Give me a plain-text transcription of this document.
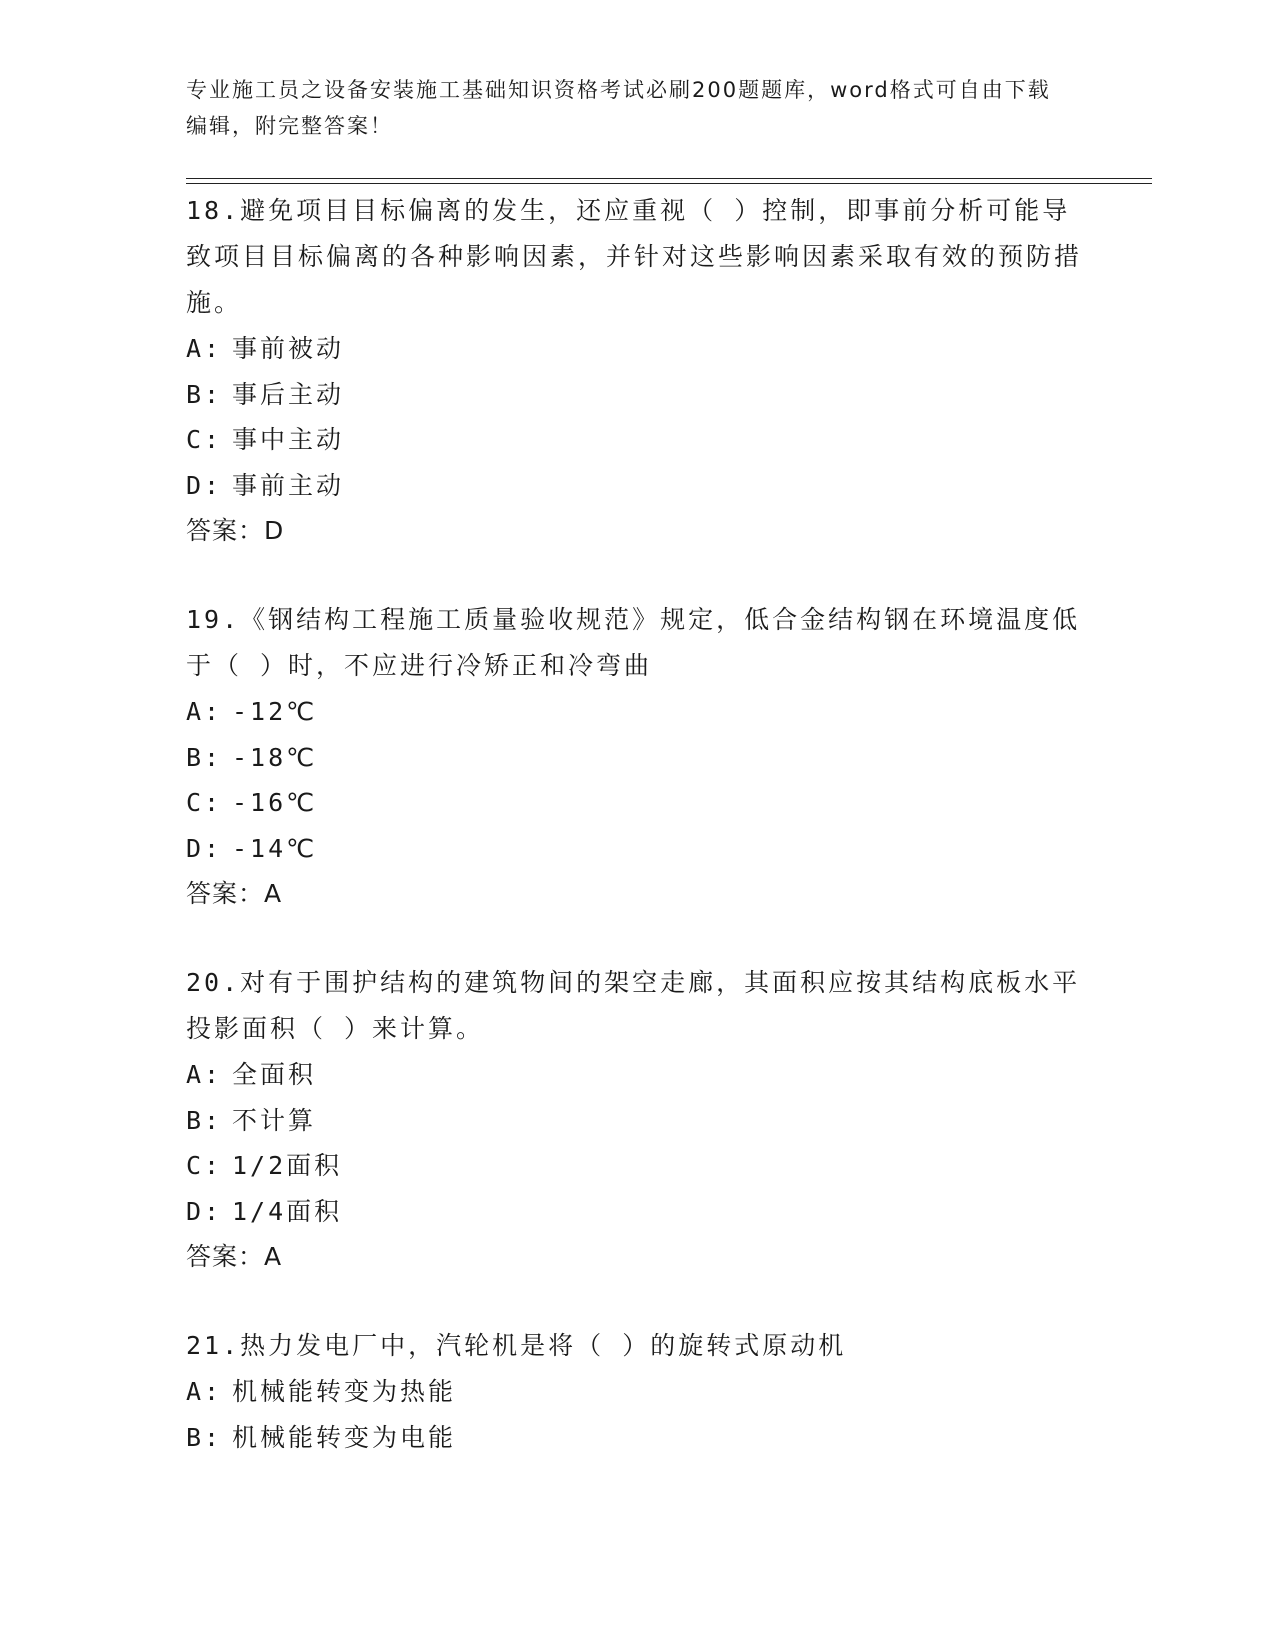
专业施工员之设备安装施工基础知识资格考试必刷200题题库，word格式可自由下载编辑，附完整答案！

18.避免项目目标偏离的发生，还应重视（ ）控制，即事前分析可能导致项目目标偏离的各种影响因素，并针对这些影响因素采取有效的预防措施。

A: 事前被动
B: 事后主动
C: 事中主动
D: 事前主动
答案：D

19.《钢结构工程施工质量验收规范》规定，低合金结构钢在环境温度低于（ ）时，不应进行冷矫正和冷弯曲

A: -12℃
B: -18℃
C: -16℃
D: -14℃
答案：A

20.对有于围护结构的建筑物间的架空走廊，其面积应按其结构底板水平投影面积（ ）来计算。

A: 全面积
B: 不计算
C: 1/2面积
D: 1/4面积
答案：A

21.热力发电厂中，汽轮机是将（ ）的旋转式原动机

A: 机械能转变为热能
B: 机械能转变为电能
